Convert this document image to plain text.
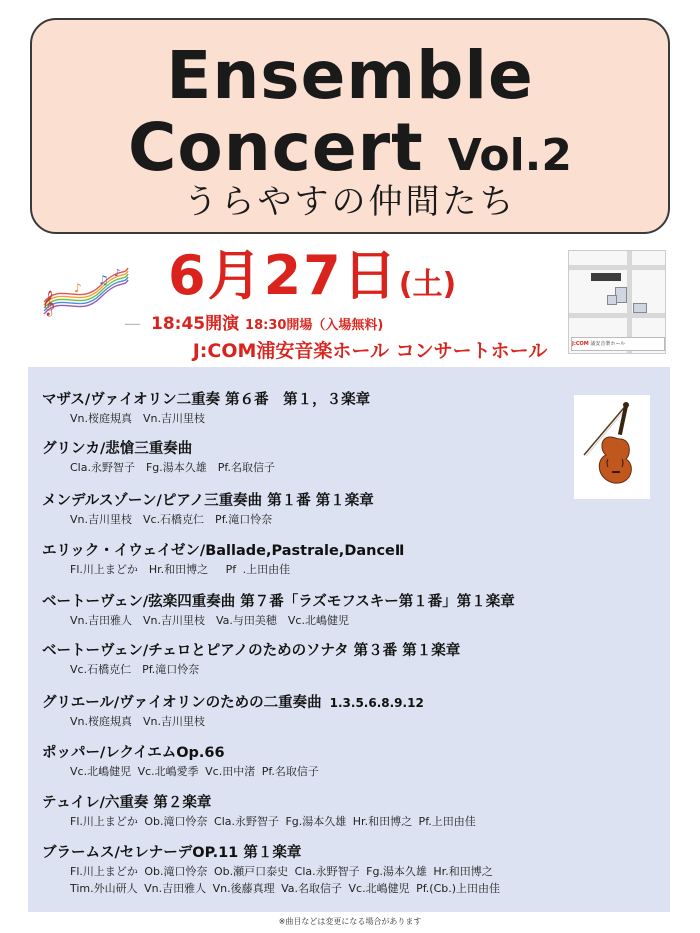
Ensemble
Concert Vol.2
うらやすの仲間たち
𝄞
♪
♫ ♪ 6月27日(土)
— 18:45開演 18:30開場（入場無料)
J:COM浦安音楽ホール コンサートホール	J:COM 浦安音楽ホール
マザス/ヴァイオリン二重奏 第６番　第１，３楽章
Vn.桜庭規真　Vn.吉川里枝
グリンカ/悲愴三重奏曲
Cla.永野智子　Fg.湯本久雄　Pf.名取信子
メンデルスゾーン/ピアノ三重奏曲 第１番 第１楽章
Vn.吉川里枝　Vc.石橋克仁　Pf.滝口怜奈
エリック・イウェイゼン/Ballade,Pastrale,DanceⅡ
Fl.川上まどか　Hr.和田博之　 Pf .上田由佳
ベートーヴェン/弦楽四重奏曲 第７番「ラズモフスキー第１番」第１楽章
Vn.吉田雅人　Vn.吉川里枝　Va.与田美穂　Vc.北嶋健児
ベートーヴェン/チェロとピアノのためのソナタ 第３番 第１楽章
Vc.石橋克仁　Pf.滝口怜奈
グリエール/ヴァイオリンのための二重奏曲 1.3.5.6.8.9.12
Vn.桜庭規真　Vn.吉川里枝
ポッパー/レクイエムOp.66
Vc.北嶋健児 Vc.北嶋愛季 Vc.田中渚 Pf.名取信子
テュイレ/六重奏 第２楽章
Fl.川上まどか Ob.滝口怜奈 Cla.永野智子 Fg.湯本久雄 Hr.和田博之 Pf.上田由佳
ブラームス/セレナーデOP.11 第１楽章
Fl.川上まどか Ob.滝口怜奈 Ob.瀬戸口泰史 Cla.永野智子 Fg.湯本久雄 Hr.和田博之
Tim.外山研人 Vn.吉田雅人 Vn.後藤真理 Va.名取信子 Vc.北嶋健児 Pf.(Cb.)上田由佳
※曲目などは変更になる場合があります
